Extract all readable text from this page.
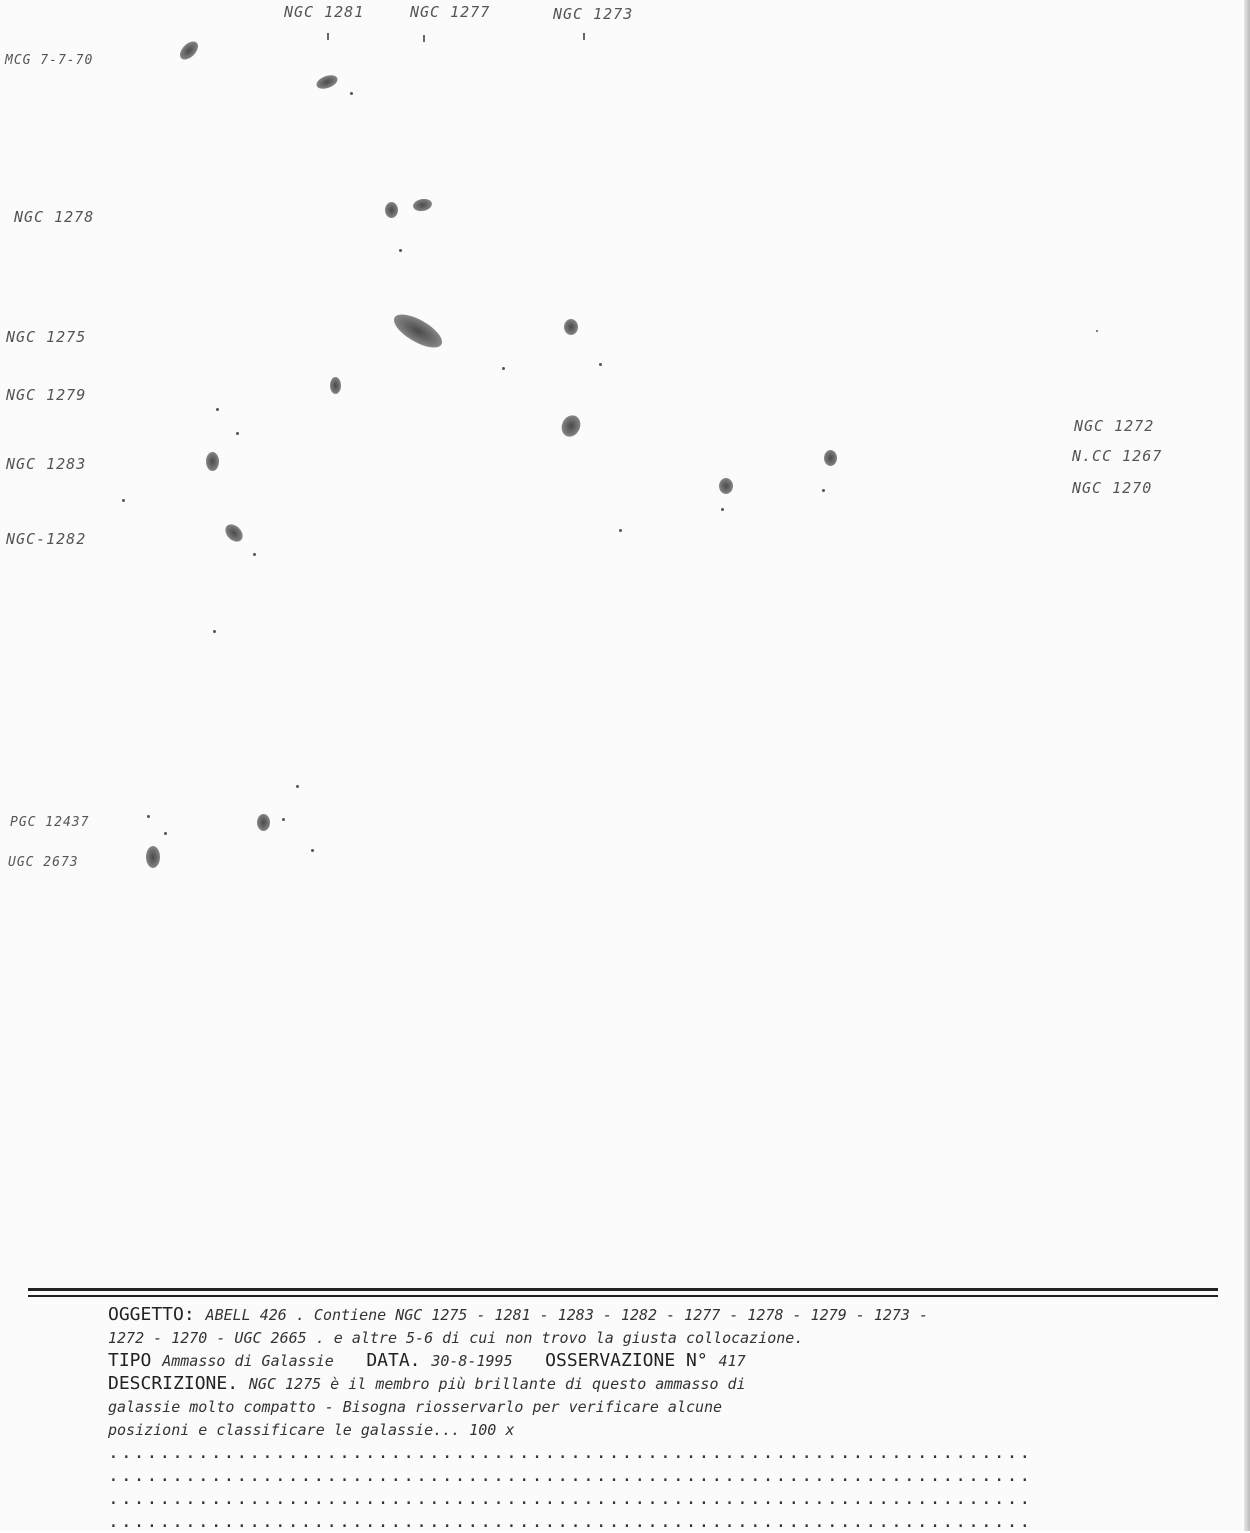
NGC 1281	NGC 1277	NGC 1273
MCG 7-7-70
NGC 1278
NGC 1275
NGC 1279
NGC 1283
NGC-1282
PGC 12437
UGC 2673
NGC 1272
N.CC 1267
NGC 1270
OGGETTO: ABELL 426 . Contiene NGC 1275 - 1281 - 1283 - 1282 - 1277 - 1278 - 1279 - 1273 -
1272 - 1270 - UGC 2665 . e altre 5-6 di cui non trovo la giusta collocazione.
TIPO Ammasso di Galassie DATA. 30-8-1995 OSSERVAZIONE N° 417
DESCRIZIONE. NGC 1275 è il membro più brillante di questo ammasso di
galassie molto compatto - Bisogna riosservarlo per verificare alcune
posizioni e classificare le galassie... 100 x
........................................................................
........................................................................
........................................................................
........................................................................
